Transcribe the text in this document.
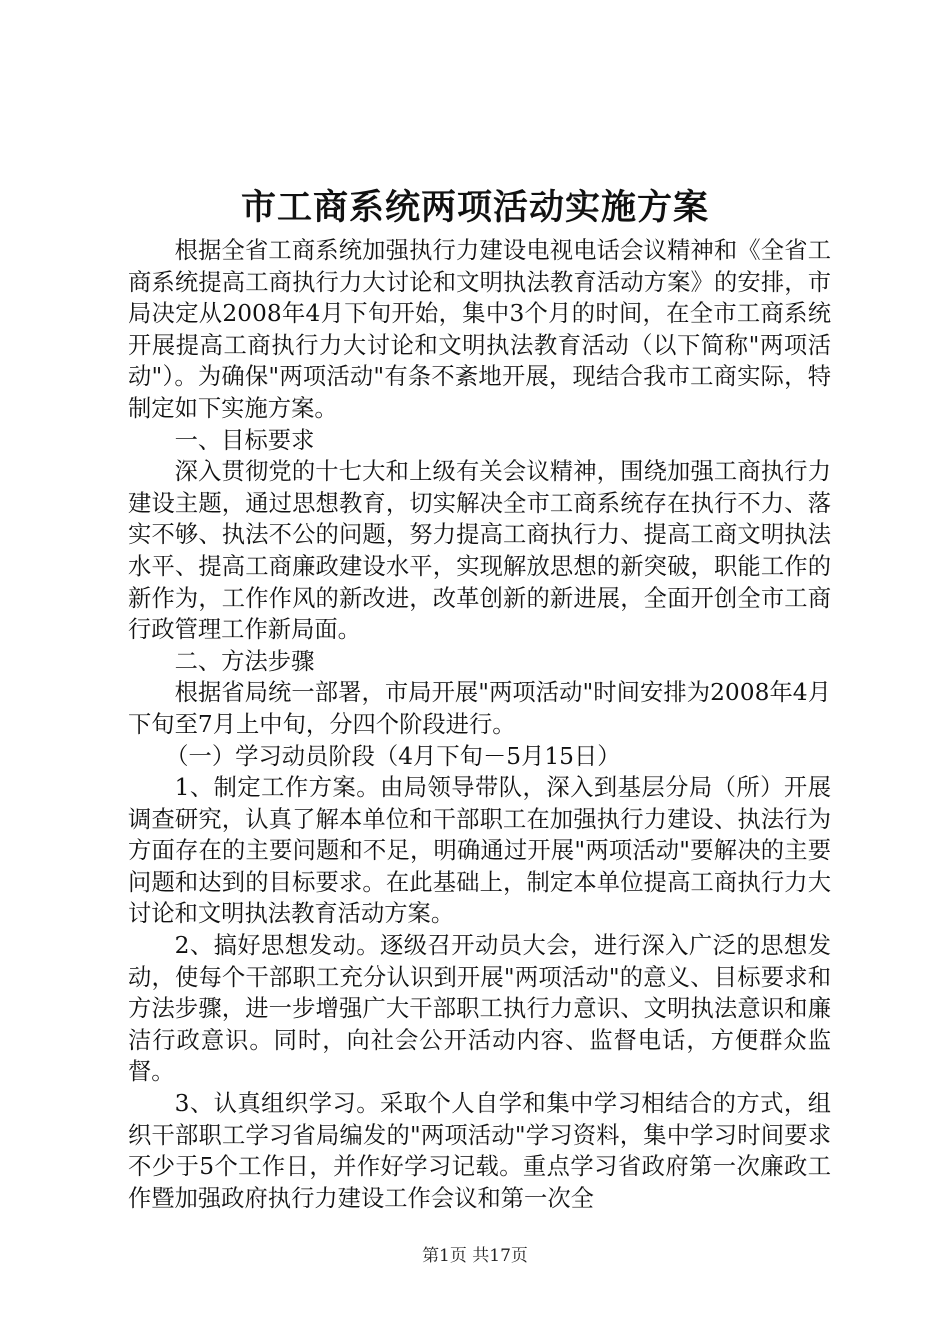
市工商系统两项活动实施方案

根据全省工商系统加强执行力建设电视电话会议精神和《全省工商系统提高工商执行力大讨论和文明执法教育活动方案》的安排，市局决定从2008年4月下旬开始，集中3个月的时间，在全市工商系统开展提高工商执行力大讨论和文明执法教育活动（以下简称"两项活动"）。为确保"两项活动"有条不紊地开展，现结合我市工商实际，特制定如下实施方案。

一、目标要求

深入贯彻党的十七大和上级有关会议精神，围绕加强工商执行力建设主题，通过思想教育，切实解决全市工商系统存在执行不力、落实不够、执法不公的问题，努力提高工商执行力、提高工商文明执法水平、提高工商廉政建设水平，实现解放思想的新突破，职能工作的新作为，工作作风的新改进，改革创新的新进展，全面开创全市工商行政管理工作新局面。

二、方法步骤

根据省局统一部署，市局开展"两项活动"时间安排为2008年4月下旬至7月上中旬，分四个阶段进行。

（一）学习动员阶段（4月下旬－5月15日）

1、制定工作方案。由局领导带队，深入到基层分局（所）开展调查研究，认真了解本单位和干部职工在加强执行力建设、执法行为方面存在的主要问题和不足，明确通过开展"两项活动"要解决的主要问题和达到的目标要求。在此基础上，制定本单位提高工商执行力大讨论和文明执法教育活动方案。

2、搞好思想发动。逐级召开动员大会，进行深入广泛的思想发动，使每个干部职工充分认识到开展"两项活动"的意义、目标要求和方法步骤，进一步增强广大干部职工执行力意识、文明执法意识和廉洁行政意识。同时，向社会公开活动内容、监督电话，方便群众监督。

3、认真组织学习。采取个人自学和集中学习相结合的方式，组织干部职工学习省局编发的"两项活动"学习资料，集中学习时间要求不少于5个工作日，并作好学习记载。重点学习省政府第一次廉政工作暨加强政府执行力建设工作会议和第一次全

第1页 共17页
